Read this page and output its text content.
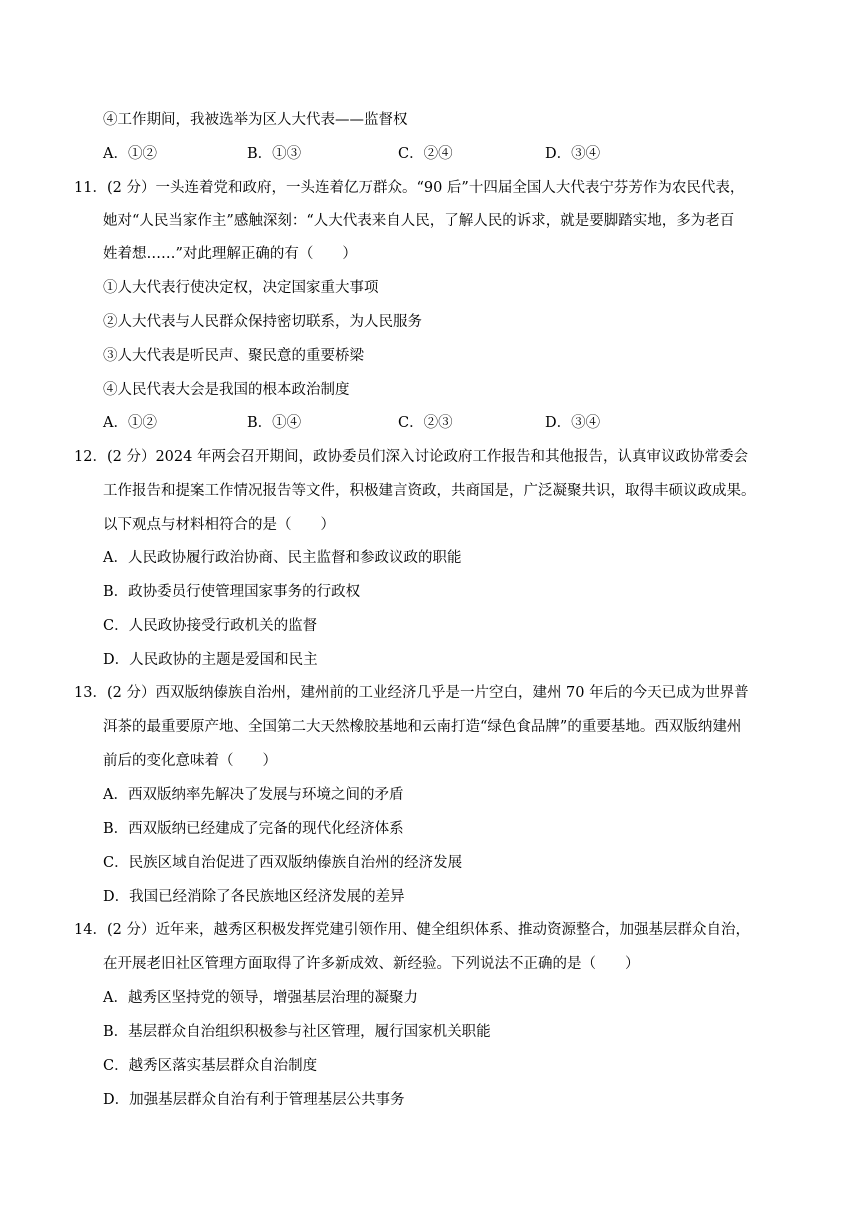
④工作期间，我被选举为区人大代表——监督权
A．①②	B．①③	C．②④	D．③④
11．(2 分）一头连着党和政府，一头连着亿万群众。“90 后”十四届全国人大代表宁芬芳作为农民代表，
她对“人民当家作主”感触深刻：“人大代表来自人民，了解人民的诉求，就是要脚踏实地，多为老百
姓着想……”对此理解正确的有（　　）
①人大代表行使决定权，决定国家重大事项
②人大代表与人民群众保持密切联系，为人民服务
③人大代表是听民声、聚民意的重要桥梁
④人民代表大会是我国的根本政治制度
A．①②	B．①④	C．②③	D．③④
12．(2 分）2024 年两会召开期间，政协委员们深入讨论政府工作报告和其他报告，认真审议政协常委会
工作报告和提案工作情况报告等文件，积极建言资政，共商国是，广泛凝聚共识，取得丰硕议政成果。
以下观点与材料相符合的是（　　）
A．人民政协履行政治协商、民主监督和参政议政的职能
B．政协委员行使管理国家事务的行政权
C．人民政协接受行政机关的监督
D．人民政协的主题是爱国和民主
13．(2 分）西双版纳傣族自治州，建州前的工业经济几乎是一片空白，建州 70 年后的今天已成为世界普
洱茶的最重要原产地、全国第二大天然橡胶基地和云南打造“绿色食品牌”的重要基地。西双版纳建州
前后的变化意味着（　　）
A．西双版纳率先解决了发展与环境之间的矛盾
B．西双版纳已经建成了完备的现代化经济体系
C．民族区域自治促进了西双版纳傣族自治州的经济发展
D．我国已经消除了各民族地区经济发展的差异
14．(2 分）近年来，越秀区积极发挥党建引领作用、健全组织体系、推动资源整合，加强基层群众自治，
在开展老旧社区管理方面取得了许多新成效、新经验。下列说法不正确的是（　　）
A．越秀区坚持党的领导，增强基层治理的凝聚力
B．基层群众自治组织积极参与社区管理，履行国家机关职能
C．越秀区落实基层群众自治制度
D．加强基层群众自治有利于管理基层公共事务
